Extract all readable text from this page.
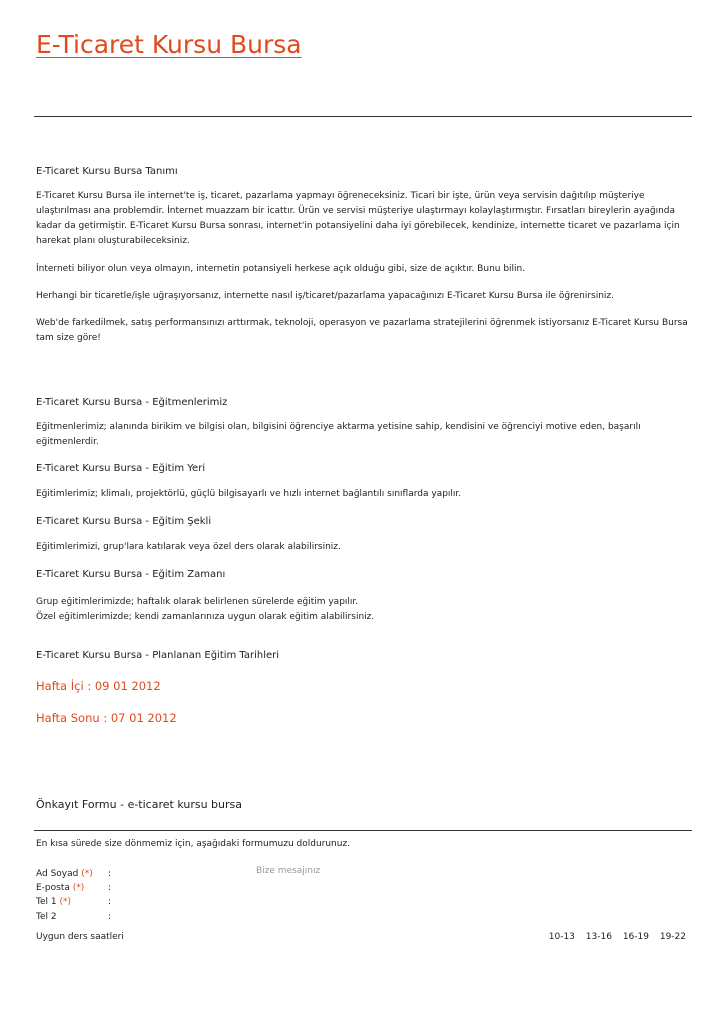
E-Ticaret Kursu Bursa
E-Ticaret Kursu Bursa Tanımı

E-Ticaret Kursu Bursa ile internet'te iş, ticaret, pazarlama yapmayı öğreneceksiniz. Ticari bir işte, ürün veya servisin dağıtılıp müşteriye ulaştırılması ana problemdir. İnternet muazzam bir icattır. Ürün ve servisi müşteriye ulaştırmayı kolaylaştırmıştır. Fırsatları bireylerin ayağında kadar da getirmiştir. E-Ticaret Kursu Bursa sonrası, internet'in potansiyelini daha iyi görebilecek, kendinize, internette ticaret ve pazarlama için harekat planı oluşturabileceksiniz.

İnterneti biliyor olun veya olmayın, internetin potansiyeli herkese açık olduğu gibi, size de açıktır. Bunu bilin.

Herhangi bir ticaretle/işle uğraşıyorsanız, internette nasıl iş/ticaret/pazarlama yapacağınızı E-Ticaret Kursu Bursa ile öğrenirsiniz.

Web'de farkedilmek, satış performansınızı arttırmak, teknoloji, operasyon ve pazarlama stratejilerini öğrenmek istiyorsanız E-Ticaret Kursu Bursa tam size göre!

E-Ticaret Kursu Bursa - Eğitmenlerimiz

Eğitmenlerimiz; alanında birikim ve bilgisi olan, bilgisini öğrenciye aktarma yetisine sahip, kendisini ve öğrenciyi motive eden, başarılı eğitmenlerdir.

E-Ticaret Kursu Bursa - Eğitim Yeri

Eğitimlerimiz; klimalı, projektörlü, güçlü bilgisayarlı ve hızlı internet bağlantılı sınıflarda yapılır.

E-Ticaret Kursu Bursa - Eğitim Şekli

Eğitimlerimizi, grup'lara katılarak veya özel ders olarak alabilirsiniz.

E-Ticaret Kursu Bursa - Eğitim Zamanı

Grup eğitimlerimizde; haftalık olarak belirlenen sürelerde eğitim yapılır.

Özel eğitimlerimizde; kendi zamanlarınıza uygun olarak eğitim alabilirsiniz.

E-Ticaret Kursu Bursa - Planlanan Eğitim Tarihleri

Hafta İçi : 09 01 2012

Hafta Sonu : 07 01 2012

Önkayıt Formu - e-ticaret kursu bursa
En kısa sürede size dönmemiz için, aşağıdaki formumuzu doldurunuz.
Ad Soyad (*) :
E-posta (*)	:
Tel 1 (*)	:
Tel 2	:
Bize mesajınız
Uygun ders saatleri	10-13 13-16 16-19 19-22
